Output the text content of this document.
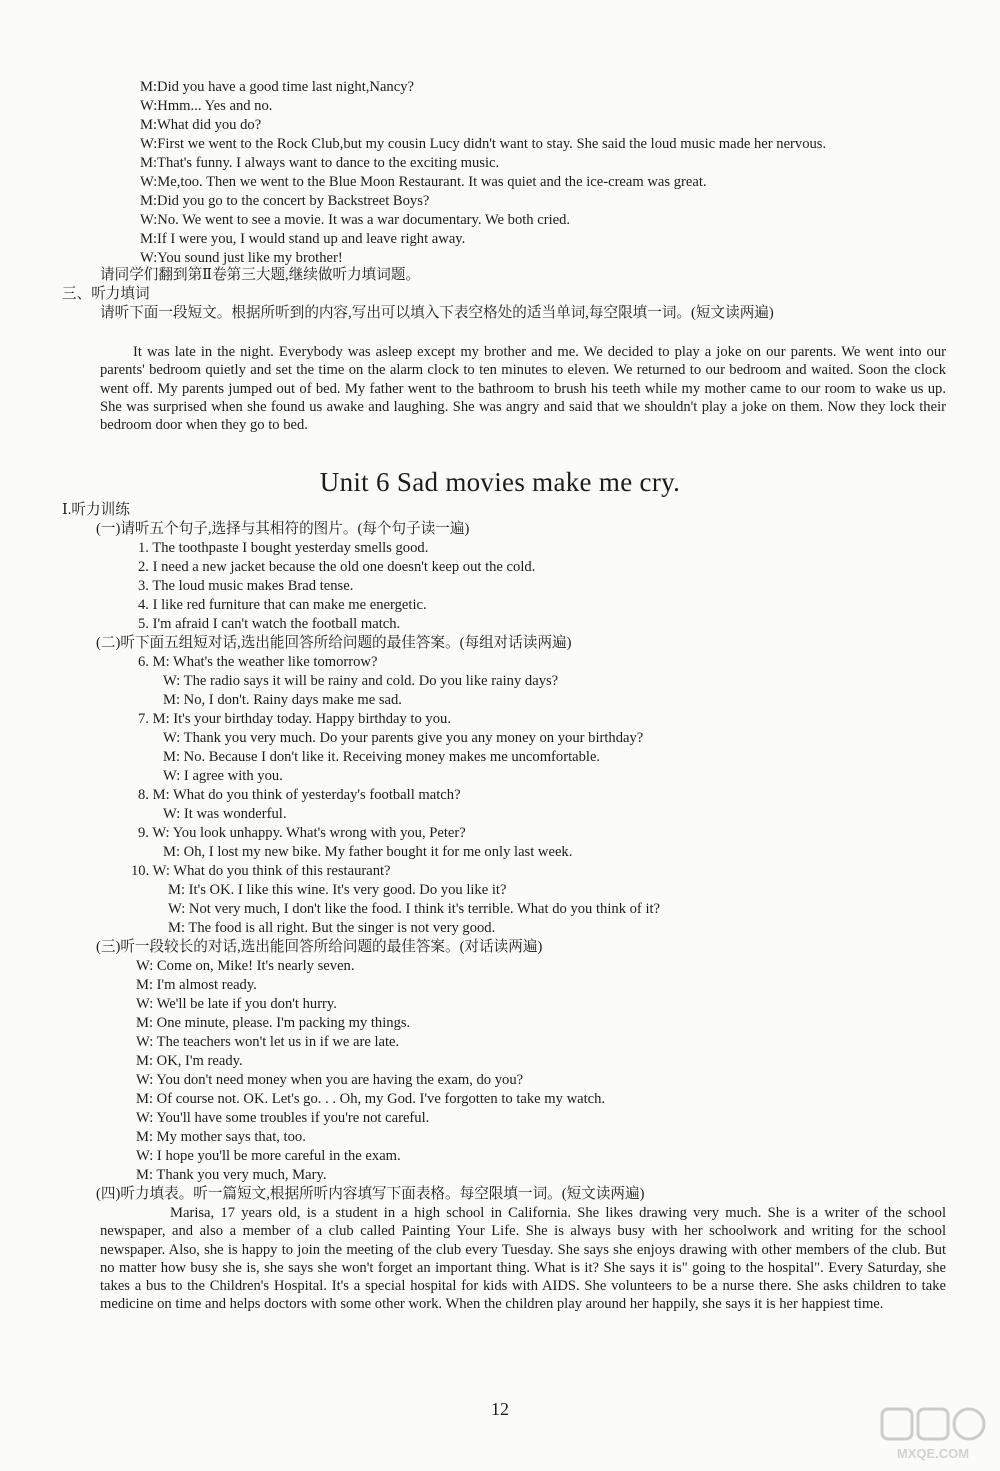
M:Did you have a good time last night,Nancy?
W:Hmm... Yes and no.
M:What did you do?
W:First we went to the Rock Club,but my cousin Lucy didn't want to stay. She said the loud music made her nervous.
M:That's funny. I always want to dance to the exciting music.
W:Me,too. Then we went to the Blue Moon Restaurant. It was quiet and the ice-cream was great.
M:Did you go to the concert by Backstreet Boys?
W:No. We went to see a movie. It was a war documentary. We both cried.
M:If I were you, I would stand up and leave right away.
W:You sound just like my brother!
请同学们翻到第Ⅱ卷第三大题,继续做听力填词题。
三、听力填词
请听下面一段短文。根据所听到的内容,写出可以填入下表空格处的适当单词,每空限填一词。(短文读两遍)
It was late in the night. Everybody was asleep except my brother and me. We decided to play a joke on our parents. We went into our parents' bedroom quietly and set the time on the alarm clock to ten minutes to eleven. We returned to our bedroom and waited. Soon the clock went off. My parents jumped out of bed. My father went to the bathroom to brush his teeth while my mother came to our room to wake us up. She was surprised when she found us awake and laughing. She was angry and said that we shouldn't play a joke on them. Now they lock their bedroom door when they go to bed.
Ⅰ.听力训练
(一)请听五个句子,选择与其相符的图片。(每个句子读一遍)
1. The toothpaste I bought yesterday smells good.
2. I need a new jacket because the old one doesn't keep out the cold.
3. The loud music makes Brad tense.
4. I like red furniture that can make me energetic.
5. I'm afraid I can't watch the football match.
(二)听下面五组短对话,选出能回答所给问题的最佳答案。(每组对话读两遍)
6. M: What's the weather like tomorrow?
W: The radio says it will be rainy and cold. Do you like rainy days?
M: No, I don't. Rainy days make me sad.
7. M: It's your birthday today. Happy birthday to you.
W: Thank you very much. Do your parents give you any money on your birthday?
M: No. Because I don't like it. Receiving money makes me uncomfortable.
W: I agree with you.
8. M: What do you think of yesterday's football match?
W: It was wonderful.
9. W: You look unhappy. What's wrong with you, Peter?
M: Oh, I lost my new bike. My father bought it for me only last week.
10. W: What do you think of this restaurant?
M: It's OK. I like this wine. It's very good. Do you like it?
W: Not very much, I don't like the food. I think it's terrible. What do you think of it?
M: The food is all right. But the singer is not very good.
(三)听一段较长的对话,选出能回答所给问题的最佳答案。(对话读两遍)
W: Come on, Mike! It's nearly seven.
M: I'm almost ready.
W: We'll be late if you don't hurry.
M: One minute, please. I'm packing my things.
W: The teachers won't let us in if we are late.
M: OK, I'm ready.
W: You don't need money when you are having the exam, do you?
M: Of course not. OK. Let's go. . . Oh, my God. I've forgotten to take my watch.
W: You'll have some troubles if you're not careful.
M: My mother says that, too.
W: I hope you'll be more careful in the exam.
M: Thank you very much, Mary.
(四)听力填表。听一篇短文,根据所听内容填写下面表格。每空限填一词。(短文读两遍)
Marisa, 17 years old, is a student in a high school in California. She likes drawing very much. She is a writer of the school newspaper, and also a member of a club called Painting Your Life. She is always busy with her schoolwork and writing for the school newspaper. Also, she is happy to join the meeting of the club every Tuesday. She says she enjoys drawing with other members of the club. But no matter how busy she is, she says she won't forget an important thing. What is it? She says it is" going to the hospital". Every Saturday, she takes a bus to the Children's Hospital. It's a special hospital for kids with AIDS. She volunteers to be a nurse there. She asks children to take medicine on time and helps doctors with some other work. When the children play around her happily, she says it is her happiest time.
Unit 6 Sad movies make me cry.
12
MXQE.COM
